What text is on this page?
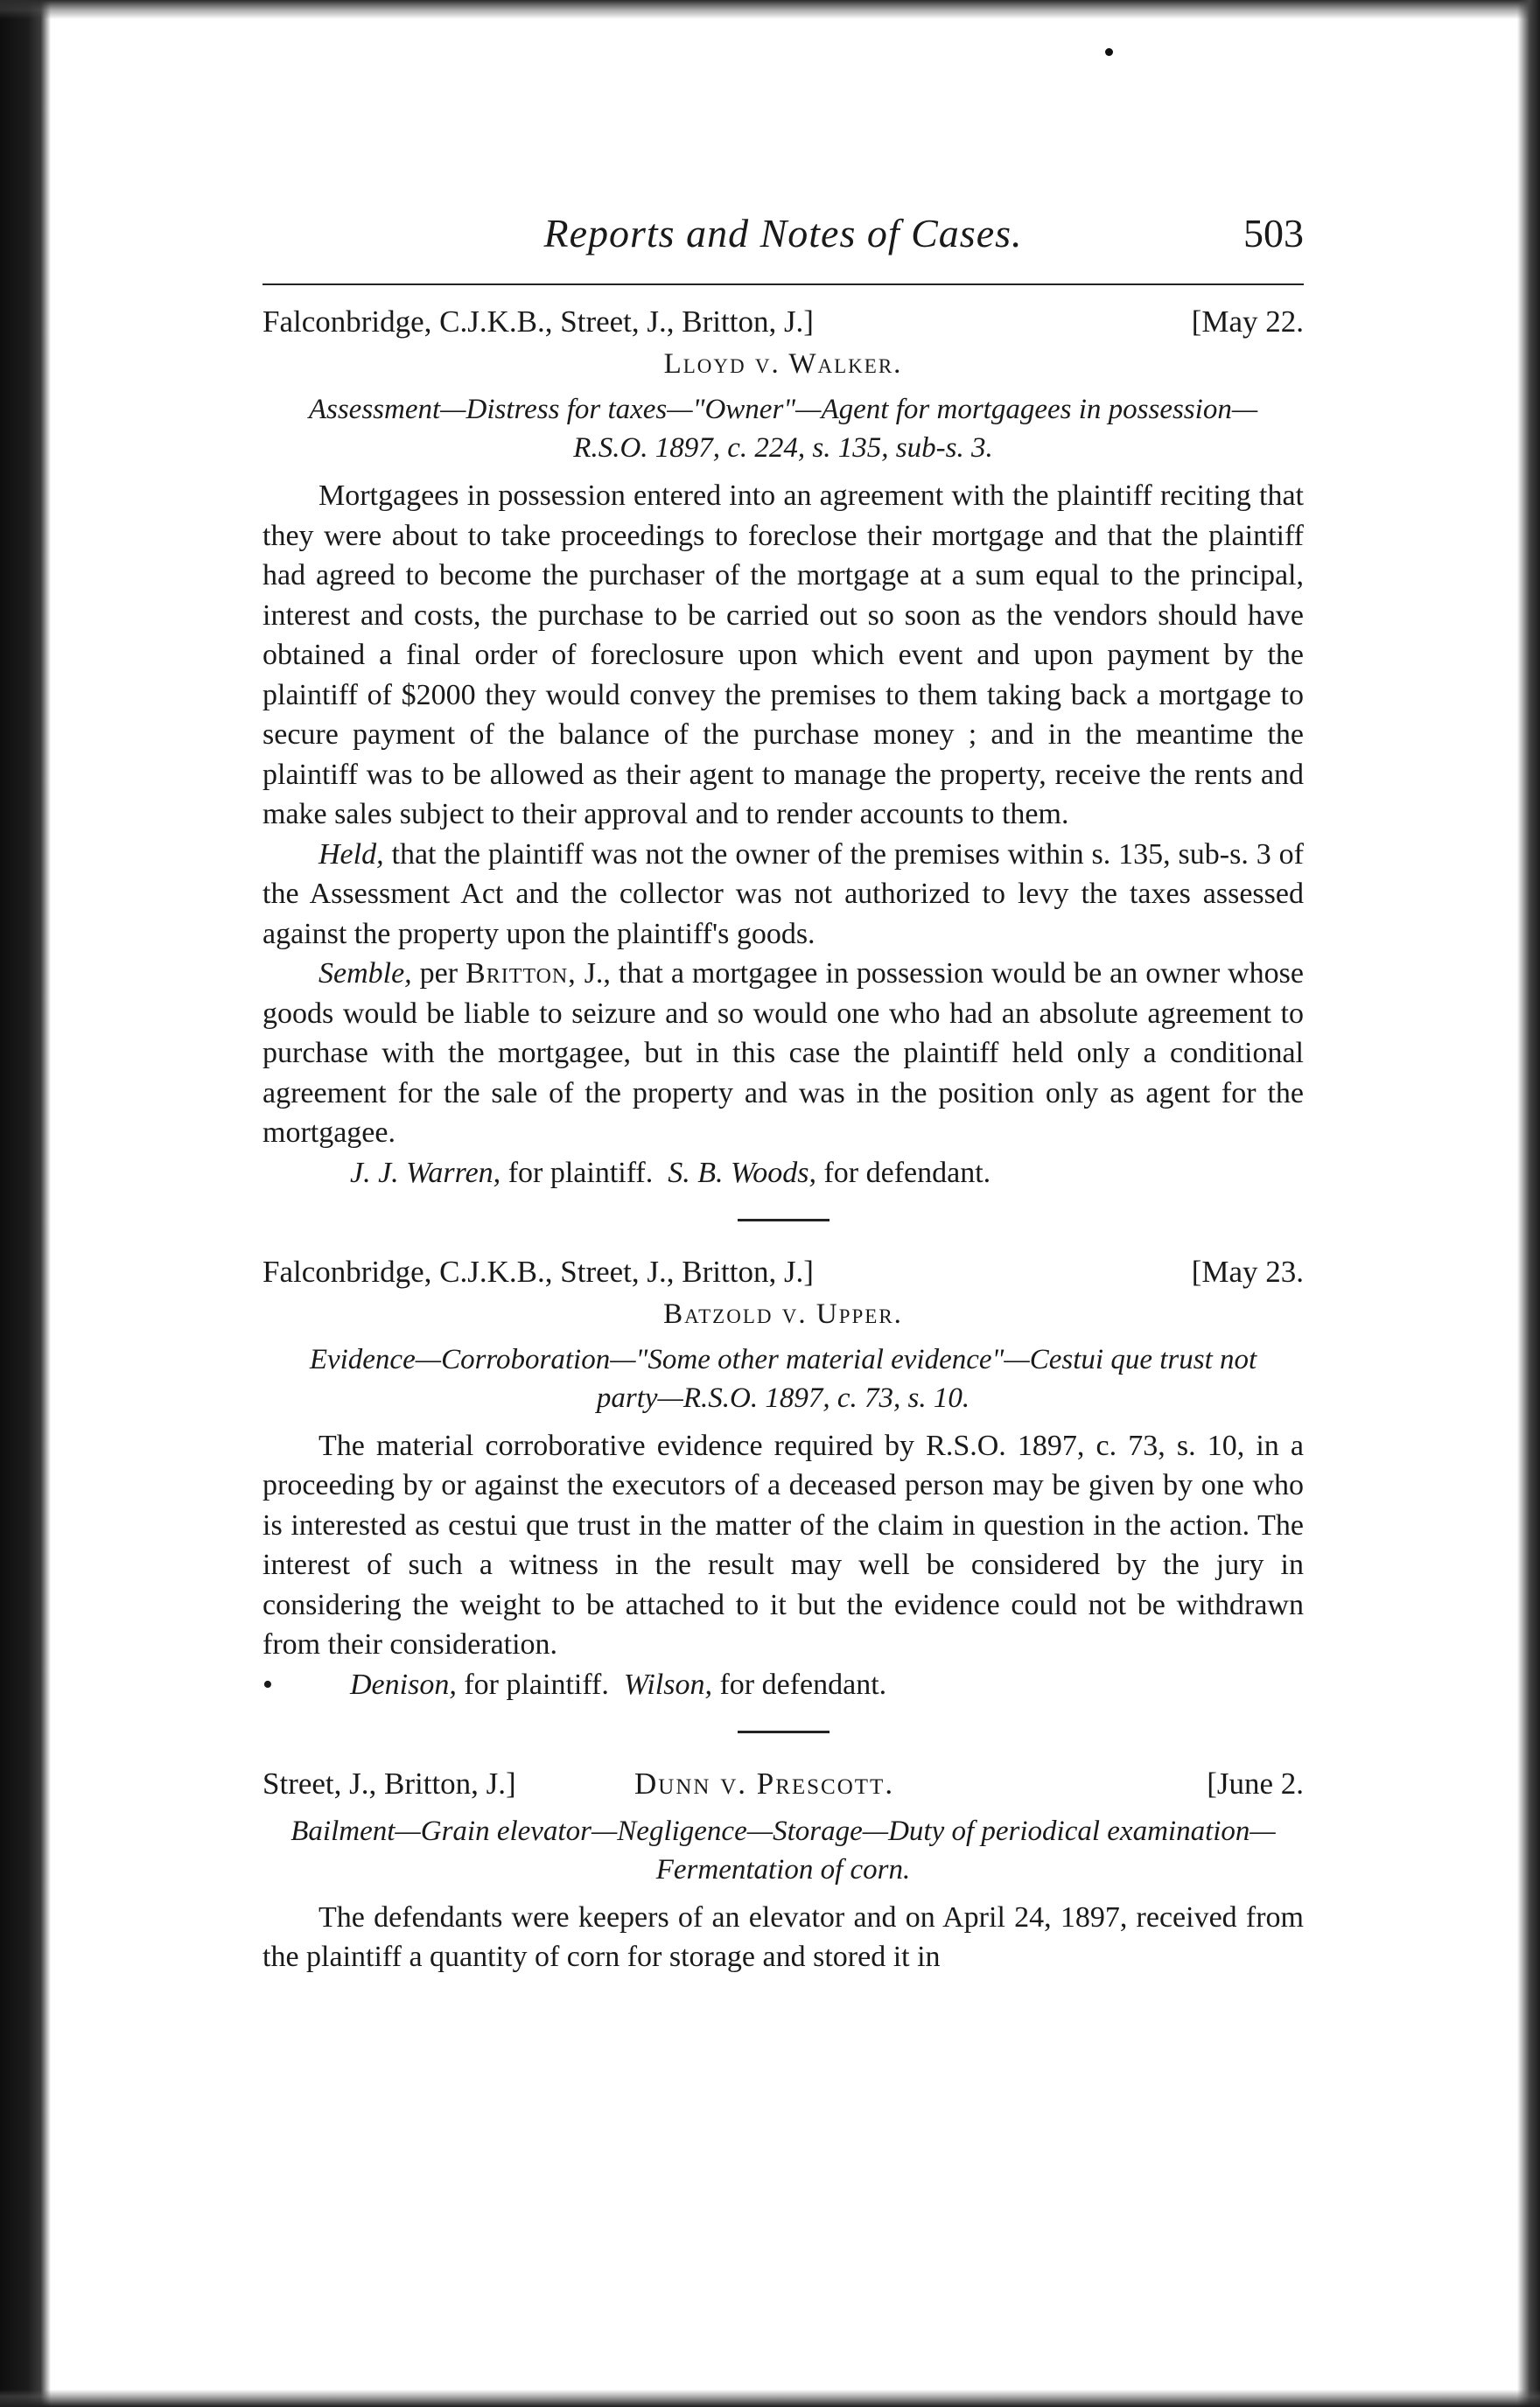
Reports and Notes of Cases.	503
Falconbridge, C.J.K.B., Street, J., Britton, J.]	[May 22.
Lloyd v. Walker.
Assessment—Distress for taxes—"Owner"—Agent for mortgagees in possession—R.S.O. 1897, c. 224, s. 135, sub-s. 3.

Mortgagees in possession entered into an agreement with the plaintiff reciting that they were about to take proceedings to foreclose their mortgage and that the plaintiff had agreed to become the purchaser of the mortgage at a sum equal to the principal, interest and costs, the purchase to be carried out so soon as the vendors should have obtained a final order of foreclosure upon which event and upon payment by the plaintiff of $2000 they would convey the premises to them taking back a mortgage to secure payment of the balance of the purchase money ; and in the meantime the plaintiff was to be allowed as their agent to manage the property, receive the rents and make sales subject to their approval and to render accounts to them.

Held, that the plaintiff was not the owner of the premises within s. 135, sub-s. 3 of the Assessment Act and the collector was not authorized to levy the taxes assessed against the property upon the plaintiff's goods.

Semble, per Britton, J., that a mortgagee in possession would be an owner whose goods would be liable to seizure and so would one who had an absolute agreement to purchase with the mortgagee, but in this case the plaintiff held only a conditional agreement for the sale of the property and was in the position only as agent for the mortgagee.

J. J. Warren, for plaintiff. S. B. Woods, for defendant.

Falconbridge, C.J.K.B., Street, J., Britton, J.]	[May 23.
Batzold v. Upper.
Evidence—Corroboration—"Some other material evidence"—Cestui que trust not party—R.S.O. 1897, c. 73, s. 10.

The material corroborative evidence required by R.S.O. 1897, c. 73, s. 10, in a proceeding by or against the executors of a deceased person may be given by one who is interested as cestui que trust in the matter of the claim in question in the action. The interest of such a witness in the result may well be considered by the jury in considering the weight to be attached to it but the evidence could not be withdrawn from their consideration.

•	Denison, for plaintiff. Wilson, for defendant.

Street, J., Britton, J.]	Dunn v. Prescott.	[June 2.
Bailment—Grain elevator—Negligence—Storage—Duty of periodical examination—Fermentation of corn.

The defendants were keepers of an elevator and on April 24, 1897, received from the plaintiff a quantity of corn for storage and stored it in
